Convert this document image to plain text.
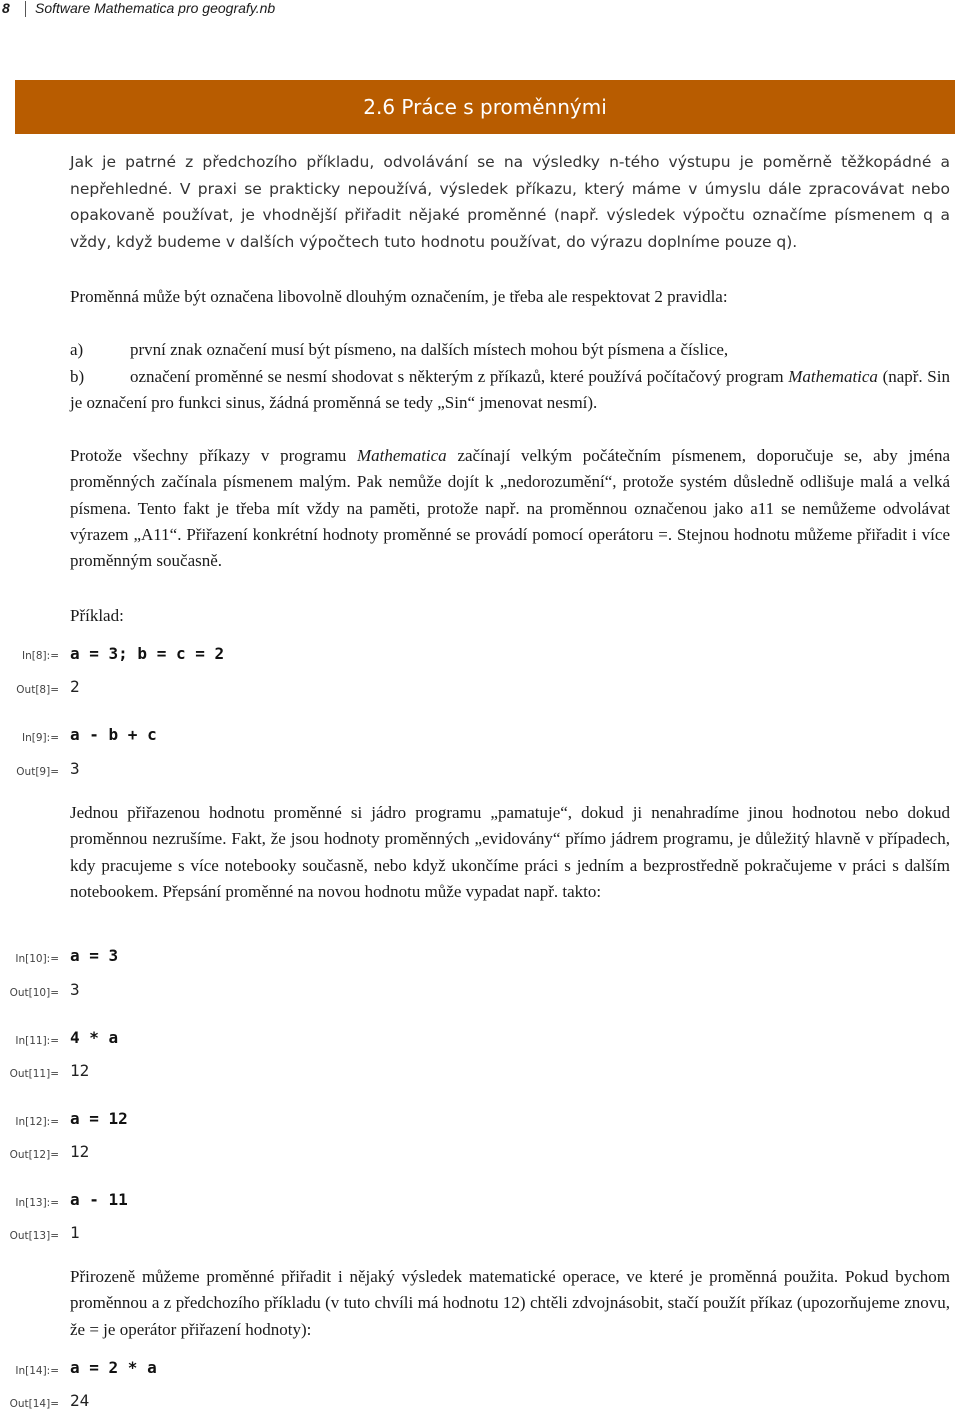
8 Software Mathematica pro geografy.nb
2.6 Práce s proměnnými

Jak je patrné z předchozího příkladu, odvolávání se na výsledky n-tého výstupu je poměrně těžkopádné a nepřehledné. V praxi se prakticky nepoužívá, výsledek příkazu, který máme v úmyslu dále zpracovávat nebo opakovaně používat, je vhodnější přiřadit nějaké proměnné (např. výsledek výpočtu označíme písmenem q a vždy, když budeme v dalších výpočtech tuto hodnotu používat, do výrazu doplníme pouze q).

Proměnná může být označena libovolně dlouhým označením, je třeba ale respektovat 2 pravidla:

a)	první znak označení musí být písmeno, na dalších místech mohou být písmena a číslice,
b)	označení proměnné se nesmí shodovat s některým z příkazů, které používá počítačový program Mathematica (např. Sin je označení pro funkci sinus, žádná proměnná se tedy „Sin“ jmenovat nesmí).

Protože všechny příkazy v programu Mathematica začínají velkým počátečním písmenem, doporučuje se, aby jména proměnných začínala písmenem malým. Pak nemůže dojít k „nedorozumění“, protože systém důsledně odlišuje malá a velká písmena. Tento fakt je třeba mít vždy na paměti, protože např. na proměnnou označenou jako a11 se nemůžeme odvolávat výrazem „A11“. Přiřazení konkrétní hodnoty proměnné se provádí pomocí operátoru =. Stejnou hodnotu můžeme přiřadit i více proměnným současně.

Příklad:

In[8]:= a = 3; b = c = 2
Out[8]= 2
In[9]:= a - b + c
Out[9]= 3

Jednou přiřazenou hodnotu proměnné si jádro programu „pamatuje“, dokud ji nenahradíme jinou hodnotou nebo dokud proměnnou nezrušíme. Fakt, že jsou hodnoty proměnných „evidovány“ přímo jádrem programu, je důležitý hlavně v případech, kdy pracujeme s více notebooky současně, nebo když ukončíme práci s jedním a bezprostředně pokračujeme v práci s dalším notebookem. Přepsání proměnné na novou hodnotu může vypadat např. takto:

In[10]:= a = 3
Out[10]= 3
In[11]:= 4 * a
Out[11]= 12
In[12]:= a = 12
Out[12]= 12
In[13]:= a - 11
Out[13]= 1

Přirozeně můžeme proměnné přiřadit i nějaký výsledek matematické operace, ve které je proměnná použita. Pokud bychom proměnnou a z předchozího příkladu (v tuto chvíli má hodnotu 12) chtěli zdvojnásobit, stačí použít příkaz (upozorňujeme znovu, že = je operátor přiřazení hodnoty):

In[14]:= a = 2 * a
Out[14]= 24
